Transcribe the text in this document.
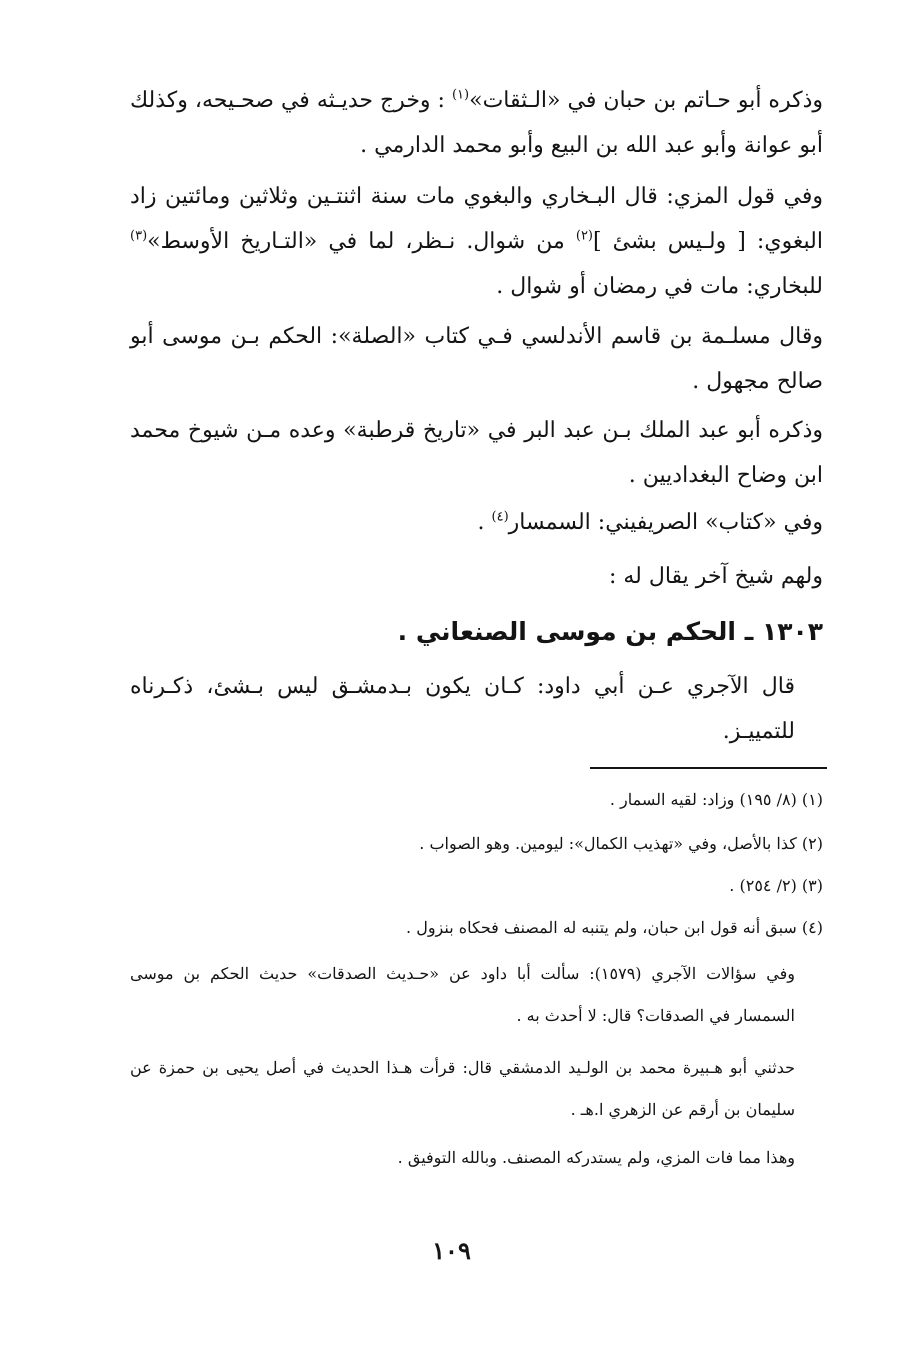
وذكره أبو حـاتم بن حبان في «الـثقات»$^{(١)}$ : وخرج حديـثه في صحـيحه، وكذلك أبو عوانة وأبو عبد الله بن البيع وأبو محمد الدارمي .

وفي قول المزي: قال البـخاري والبغوي مات سنة اثنتـين وثلاثين ومائتين زاد البغوي: [ ولـيس بشئ ]$^{(٢)}$ من شوال. نـظر، لما في «التـاريخ الأوسط»$^{(٣)}$ للبخاري: مات في رمضان أو شوال .

وقال مسلـمة بن قاسم الأندلسي فـي كتاب «الصلة»: الحكم بـن موسى أبو صالح مجهول .

وذكره أبو عبد الملك بـن عبد البر في «تاريخ قرطبة» وعده مـن شيوخ محمد ابن وضاح البغداديين .

وفي «كتاب» الصريفيني: السمسار$^{(٤)}$ .

ولهم شيخ آخر يقال له :

١٣٠٣ ـ الحكم بن موسى الصنعاني .

قال الآجري عـن أبي داود: كـان يكون بـدمشـق ليس بـشئ، ذكـرناه للتمييـز.

(١) (٨/ ١٩٥) وزاد: لقيه السمار .
(٢) كذا بالأصل، وفي «تهذيب الكمال»: ليومين. وهو الصواب .
(٣) (٢/ ٢٥٤) .
(٤) سبق أنه قول ابن حبان، ولم يتنبه له المصنف فحكاه بنزول .
وفي سؤالات الآجري (١٥٧٩): سألت أبا داود عن «حـديث الصدقات» حديث الحكم بن موسى السمسار في الصدقات؟ قال: لا أحدث به .
حدثني أبو هـبيرة محمد بن الولـيد الدمشقي قال: قرأت هـذا الحديث في أصل يحيى بن حمزة عن سليمان بن أرقم عن الزهري ا.هـ .
وهذا مما فات المزي، ولم يستدركه المصنف. وبالله التوفيق .
١٠٩
